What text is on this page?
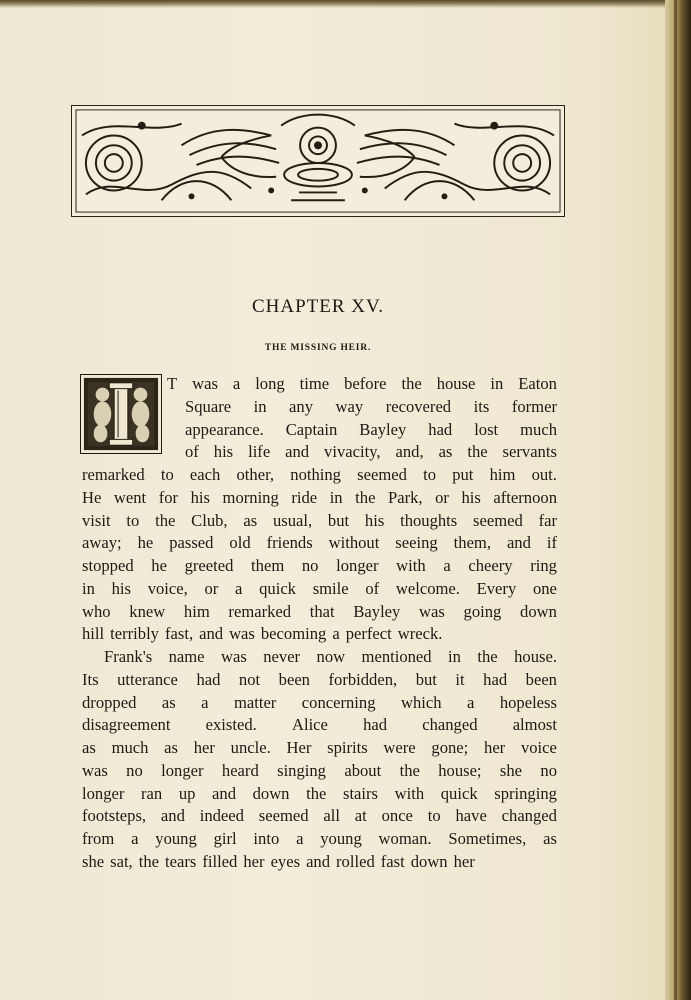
CHAPTER XV.
THE MISSING HEIR.
T was a long time before the house in Eaton
Square in any way recovered its former
appearance. Captain Bayley had lost much
of his life and vivacity, and, as the servants
remarked to each other, nothing seemed to put him out.
He went for his morning ride in the Park, or his afternoon
visit to the Club, as usual, but his thoughts seemed far
away; he passed old friends without seeing them, and if
stopped he greeted them no longer with a cheery ring
in his voice, or a quick smile of welcome. Every one
who knew him remarked that Bayley was going down
hill terribly fast, and was becoming a perfect wreck.
Frank's name was never now mentioned in the house.
Its utterance had not been forbidden, but it had been
dropped as a matter concerning which a hopeless
disagreement existed. Alice had changed almost
as much as her uncle. Her spirits were gone; her voice
was no longer heard singing about the house; she no
longer ran up and down the stairs with quick springing
footsteps, and indeed seemed all at once to have changed
from a young girl into a young woman. Sometimes, as
she sat, the tears filled her eyes and rolled fast down her
